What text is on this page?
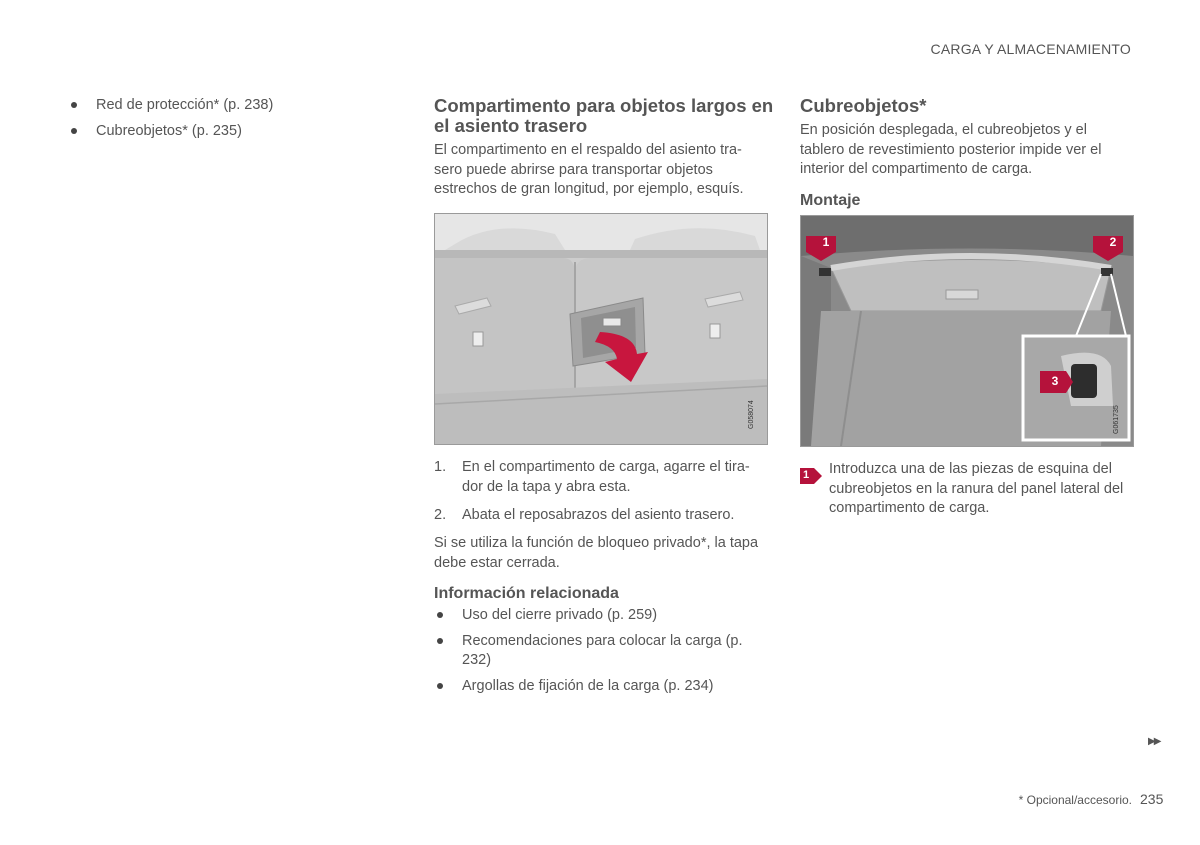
CARGA Y ALMACENAMIENTO
Red de protección* (p. 238)
Cubreobjetos* (p. 235)
Compartimento para objetos largos en el asiento trasero
El compartimento en el respaldo del asiento tra- sero puede abrirse para transportar objetos estrechos de gran longitud, por ejemplo, esquís.
G058074
1. En el compartimento de carga, agarre el tira- dor de la tapa y abra esta.
2. Abata el reposabrazos del asiento trasero.
Si se utiliza la función de bloqueo privado*, la tapa debe estar cerrada.
Información relacionada
Uso del cierre privado (p. 259)
Recomendaciones para colocar la carga (p. 232)
Argollas de fijación de la carga (p. 234)
Cubreobjetos*
En posición desplegada, el cubreobjetos y el tablero de revestimiento posterior impide ver el interior del compartimento de carga.
Montaje
1	2
3
G061735
1 Introduzca una de las piezas de esquina del cubreobjetos en la ranura del panel lateral del compartimento de carga.
▶▶
* Opcional/accesorio. 235
